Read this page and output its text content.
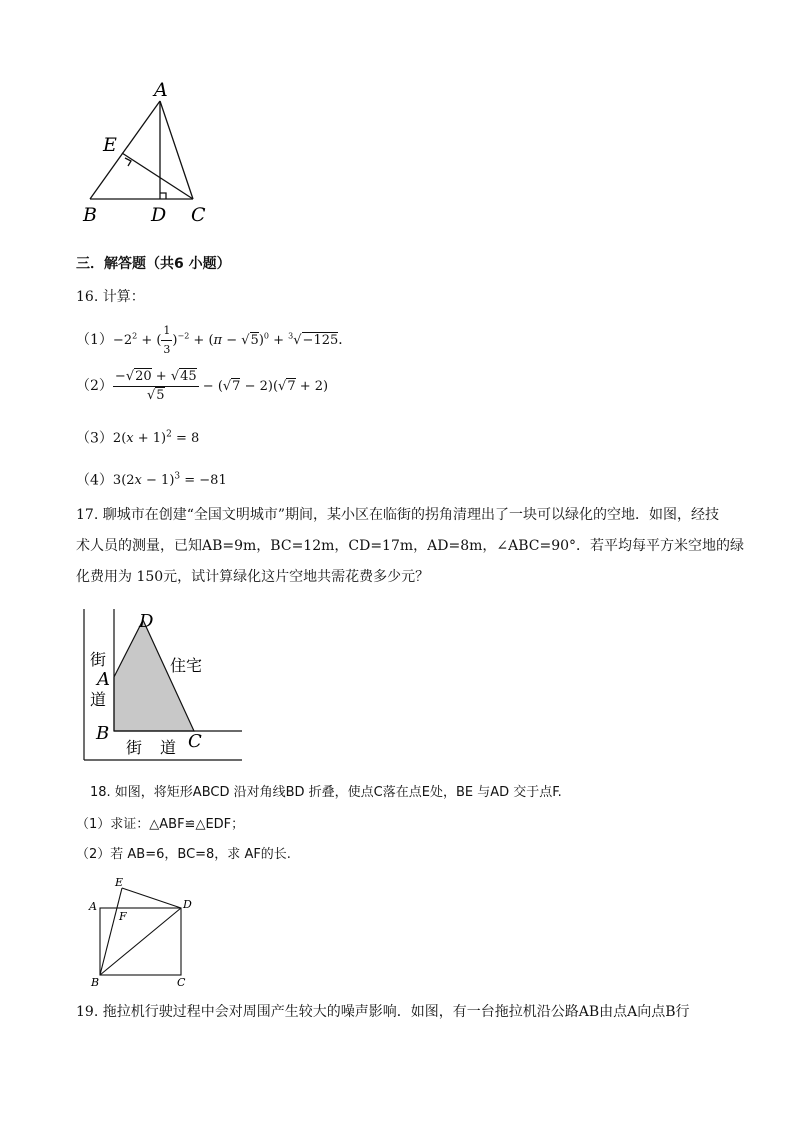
A
E
B	D C
三．解答题（共6 小题）
16. 计算：
$(1)-2^2$ + ( $\frac{1}{3} )^{-2} + (\pi - √5)^0 + ^3√-125$．
$(2) \frac{-√20 + √45}{√5} - (√7 - 2)(√7 + 2)$
$(3)2(x + 1)^2 = 8$
$(4)3(2x - 1)^3 = -81$
17. 聊城市在创建“全国文明城市”期间，某小区在临街的拐角清理出了一块可以绿化的空地．如图，经技
术人员的测量，已知AB=9m，BC=12m，CD=17m，AD=8m，∠ABC=90°．若平均每平方米空地的绿
化费用为 150元，试计算绿化这片空地共需花费多少元？
街
道
A
D
住宅
B	C
街 道
18. 如图，将矩形ABCD 沿对角线BD 折叠，使点C落在点E处，BE 与AD 交于点F.
（1）求证：△ABF≌△EDF；
（2）若 AB=6，BC=8，求 AF的长.
E
A
F
D
B	C
19. 拖拉机行驶过程中会对周围产生较大的噪声影响．如图，有一台拖拉机沿公路AB由点A向点B行
